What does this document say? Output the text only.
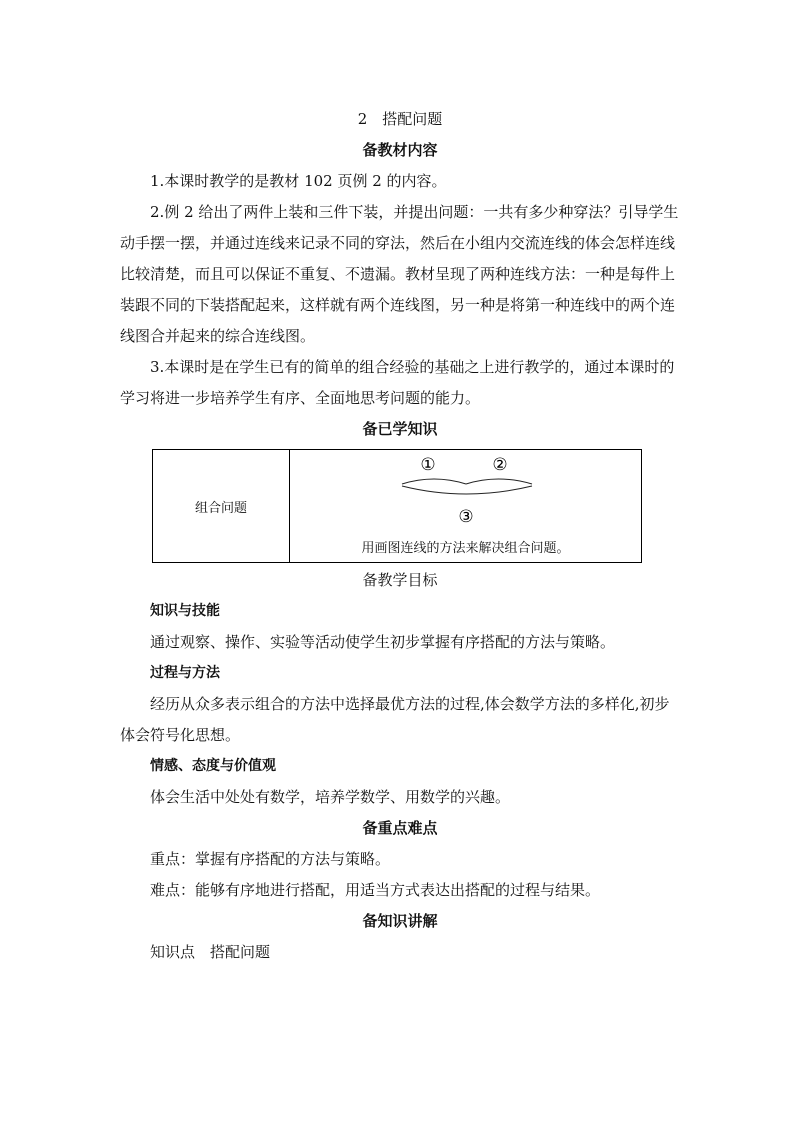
2　搭配问题

备教材内容

1.本课时教学的是教材 102 页例 2 的内容。

2.例 2 给出了两件上装和三件下装，并提出问题：一共有多少种穿法？引导学生动手摆一摆，并通过连线来记录不同的穿法，然后在小组内交流连线的体会怎样连线比较清楚，而且可以保证不重复、不遗漏。教材呈现了两种连线方法：一种是每件上装跟不同的下装搭配起来，这样就有两个连线图，另一种是将第一种连线中的两个连线图合并起来的综合连线图。

3.本课时是在学生已有的简单的组合经验的基础之上进行教学的，通过本课时的学习将进一步培养学生有序、全面地思考问题的能力。

备已学知识

组合问题
①	②
③
用画图连线的方法来解决组合问题。

备教学目标

知识与技能

通过观察、操作、实验等活动使学生初步掌握有序搭配的方法与策略。

过程与方法

经历从众多表示组合的方法中选择最优方法的过程,体会数学方法的多样化,初步体会符号化思想。

情感、态度与价值观

体会生活中处处有数学，培养学数学、用数学的兴趣。

备重点难点

重点：掌握有序搭配的方法与策略。

难点：能够有序地进行搭配，用适当方式表达出搭配的过程与结果。

备知识讲解

知识点　搭配问题
